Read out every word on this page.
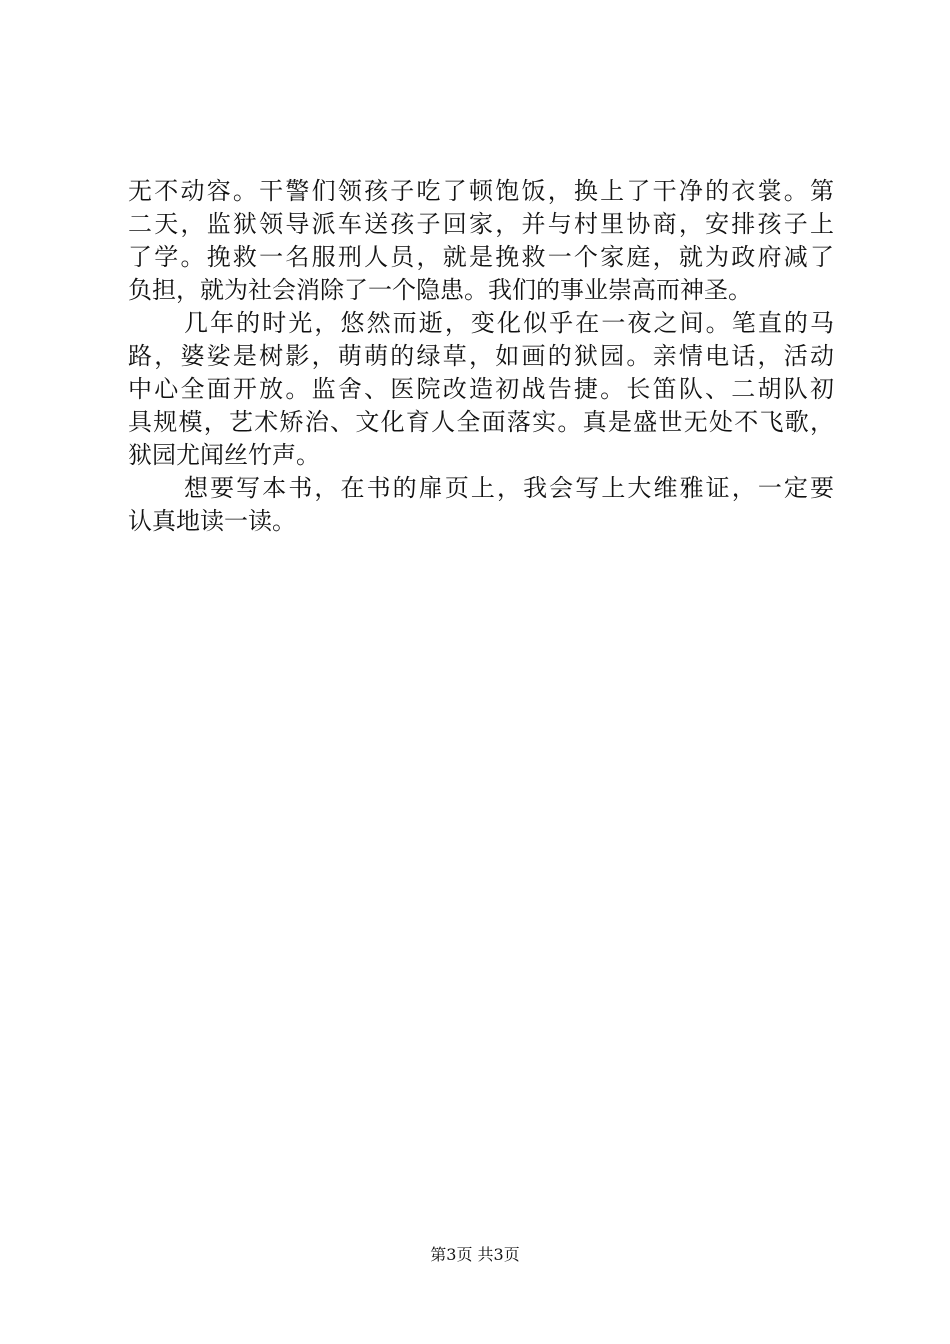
无不动容。干警们领孩子吃了顿饱饭，换上了干净的衣裳。第
二天，监狱领导派车送孩子回家，并与村里协商，安排孩子上
了学。挽救一名服刑人员，就是挽救一个家庭，就为政府减了
负担，就为社会消除了一个隐患。我们的事业崇高而神圣。
几年的时光，悠然而逝，变化似乎在一夜之间。笔直的马
路，婆娑是树影，萌萌的绿草，如画的狱园。亲情电话，活动
中心全面开放。监舍、医院改造初战告捷。长笛队、二胡队初
具规模，艺术矫治、文化育人全面落实。真是盛世无处不飞歌，
狱园尤闻丝竹声。
想要写本书，在书的扉页上，我会写上大维雅证，一定要
认真地读一读。
第3页 共3页
